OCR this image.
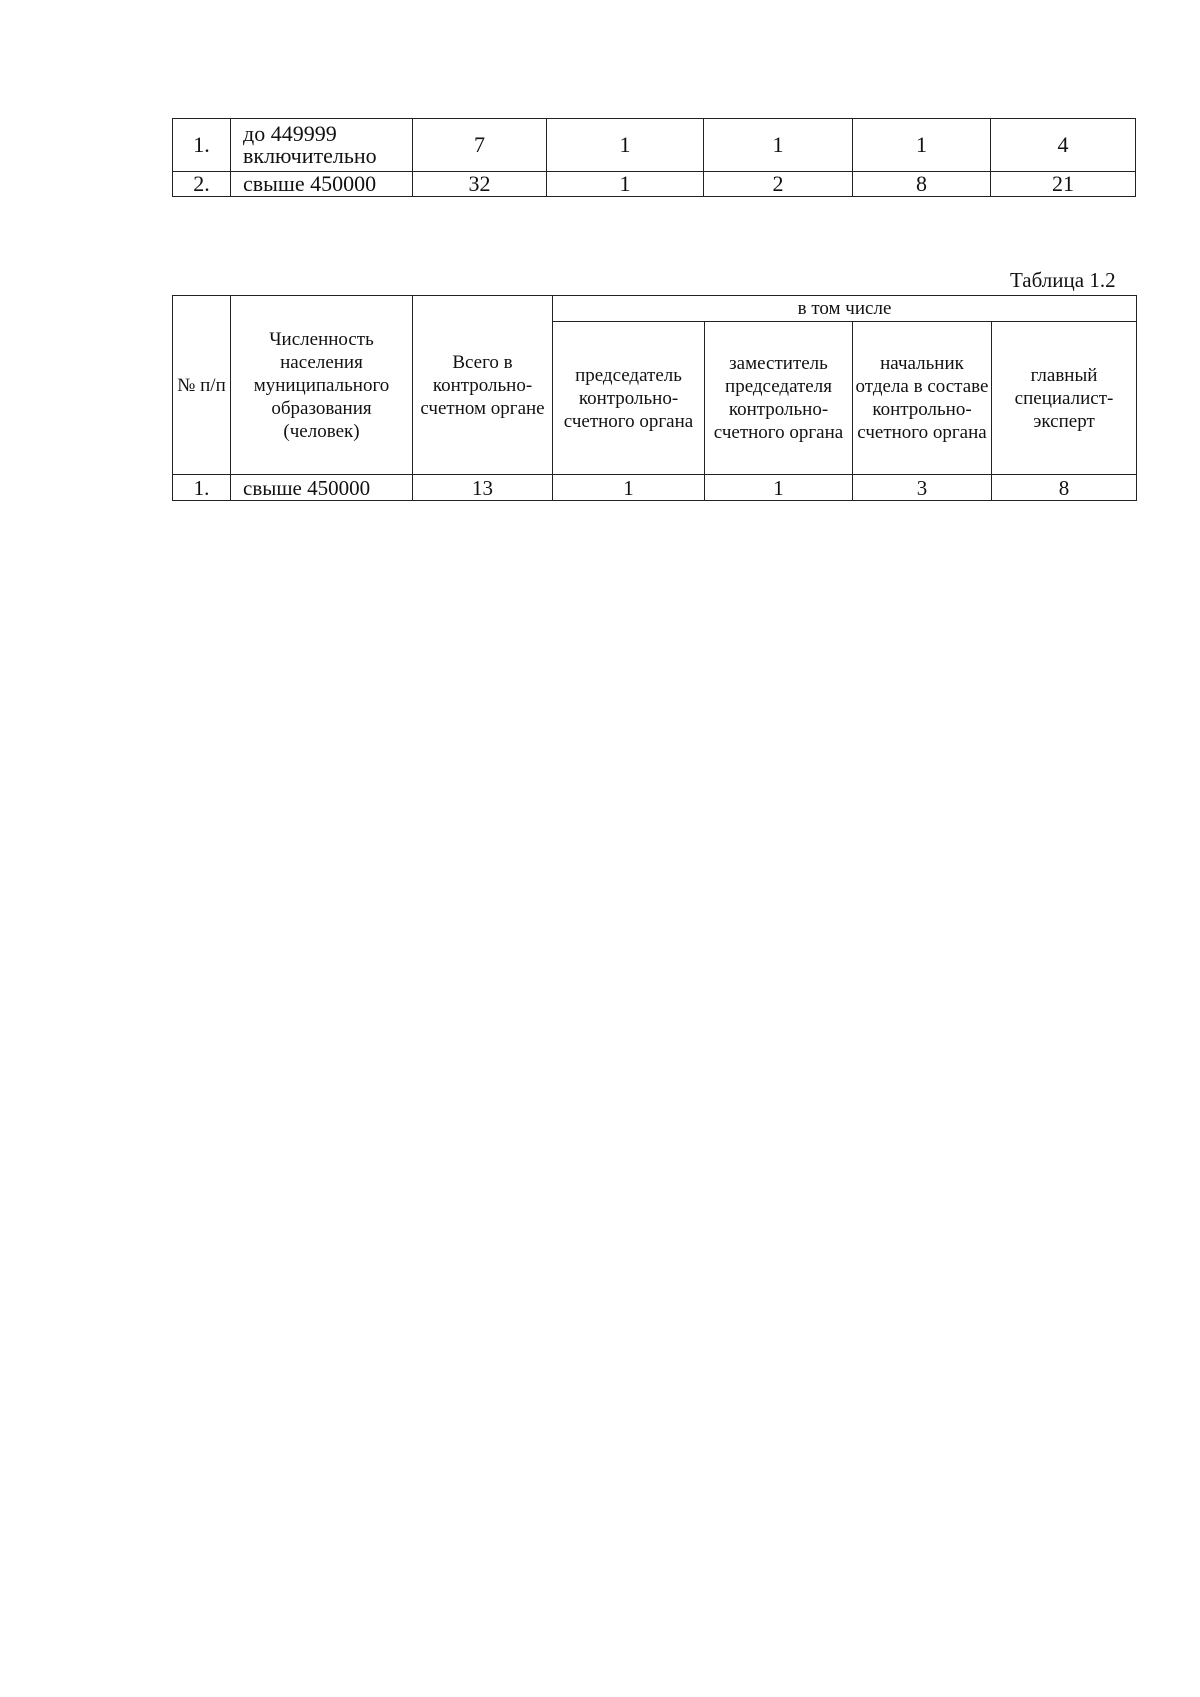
1.	до 449999 включительно	7	1	1	1	4
2.	свыше 450000	32	1	2	8	21
Таблица 1.2
№ п/п	Численность населения муниципального образования (человек)	Всего в контрольно-счетном органе	в том числе			
			председатель контрольно-счетного органа	заместитель председателя контрольно-счетного органа	начальник отдела в составе контрольно-счетного органа	главный специалист-эксперт
1.	свыше 450000	13	1	1	3	8
